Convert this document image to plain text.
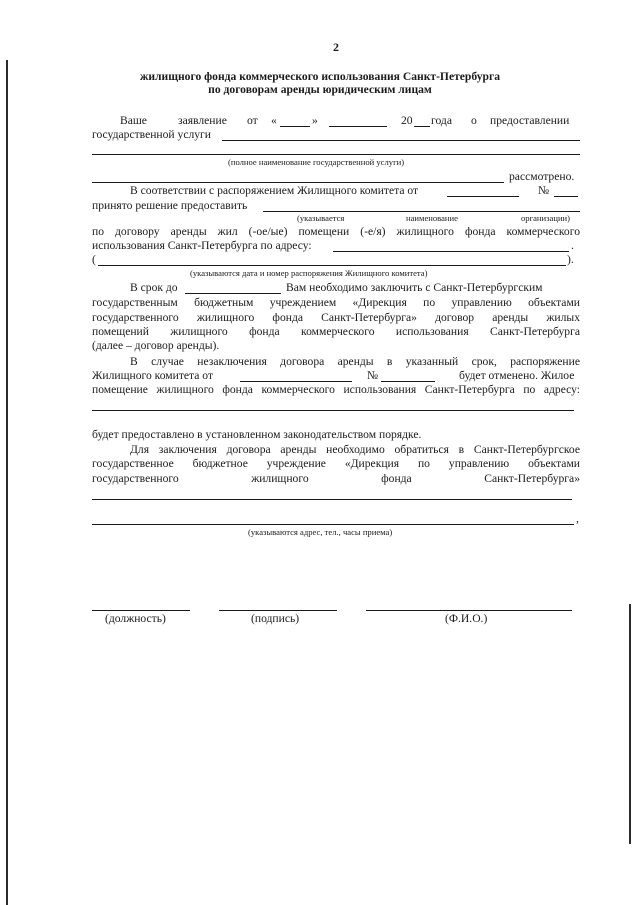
2
жилищного фонда коммерческого использования Санкт-Петербурга
по договорам аренды юридическим лицам
Ваше	заявление от «	»	20 года о предоставлении
государственной услуги
(полное наименование государственной услуги)
рассмотрено.
В соответствии с распоряжением Жилищного комитета от	№
принято решение предоставить
(указывается	наименование	организации)
по договору аренды жил (-ое/ые) помещени (-е/я) жилищного фонда коммерческого
использования Санкт-Петербурга по адресу:	.
(	).
(указываются дата и номер распоряжения Жилищного комитета)
В срок до	Вам необходимо заключить с Санкт-Петербургским
государственным бюджетным учреждением «Дирекция по управлению объектами
государственного жилищного фонда Санкт-Петербурга» договор аренды жилых
помещений жилищного фонда коммерческого использования Санкт-Петербурга
(далее – договор аренды).
В случае незаключения договора аренды в указанный срок, распоряжение
Жилищного комитета от	№	будет отменено. Жилое
помещение жилищного фонда коммерческого использования Санкт-Петербурга по адресу:
будет предоставлено в установленном законодательством порядке.
Для заключения договора аренды необходимо обратиться в Санкт-Петербургское
государственное бюджетное учреждение «Дирекция по управлению объектами
государственного жилищного фонда Санкт-Петербурга»
,
(указываются адрес, тел., часы приема)
(должность)	(подпись)	(Ф.И.О.)
